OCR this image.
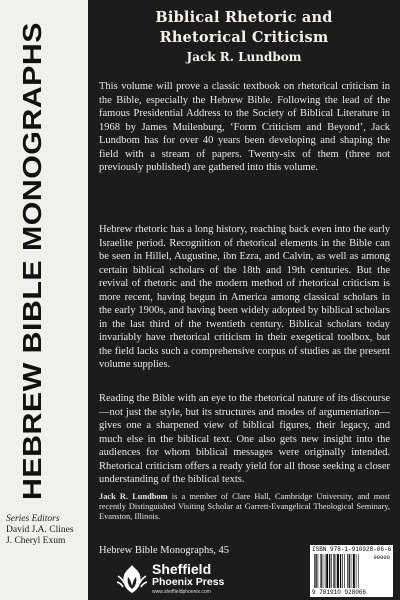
HEBREW BIBLE MONOGRAPHS
Series Editors
David J.A. Clines
J. Cheryl Exum
Biblical Rhetoric and
Rhetorical Criticism
Jack R. Lundbom

This volume will prove a classic textbook on rhetorical criticism in the Bible, especially the Hebrew Bible. Following the lead of the famous Presidential Address to the Society of Biblical Literature in 1968 by James Muilenburg, ‘Form Criticism and Beyond’, Jack Lundbom has for over 40 years been developing and shaping the field with a stream of papers. Twenty-six of them (three not previously published) are gathered into this volume.

Hebrew rhetoric has a long history, reaching back even into the early Israelite period. Recognition of rhetorical elements in the Bible can be seen in Hillel, Augustine, ibn Ezra, and Calvin, as well as among certain biblical scholars of the 18th and 19th centuries. But the revival of rhetoric and the modern method of rhetorical criticism is more recent, having begun in America among classical scholars in the early 1900s, and having been widely adopted by biblical scholars in the last third of the twentieth century. Biblical scholars today invariably have rhetorical criticism in their exegetical toolbox, but the field lacks such a comprehensive corpus of studies as the present volume supplies.

Reading the Bible with an eye to the rhetorical nature of its discourse—not just the style, but its structures and modes of argumentation—gives one a sharpened view of biblical figures, their legacy, and much else in the biblical text. One also gets new insight into the audiences for whom biblical messages were originally intended. Rhetorical criticism offers a ready yield for all those seeking a closer understanding of the biblical texts.

Jack R. Lundbom is a member of Clare Hall, Cambridge University, and most recently Distinguished Visiting Scholar at Garrett-Evangelical Theological Seminary, Evanston, Illinois.

Hebrew Bible Monographs, 45
Sheffield
Phoenix Press
www.sheffieldphoenix.com
ISBN 978-1-910928-06-6
90000
9 781910 928066
